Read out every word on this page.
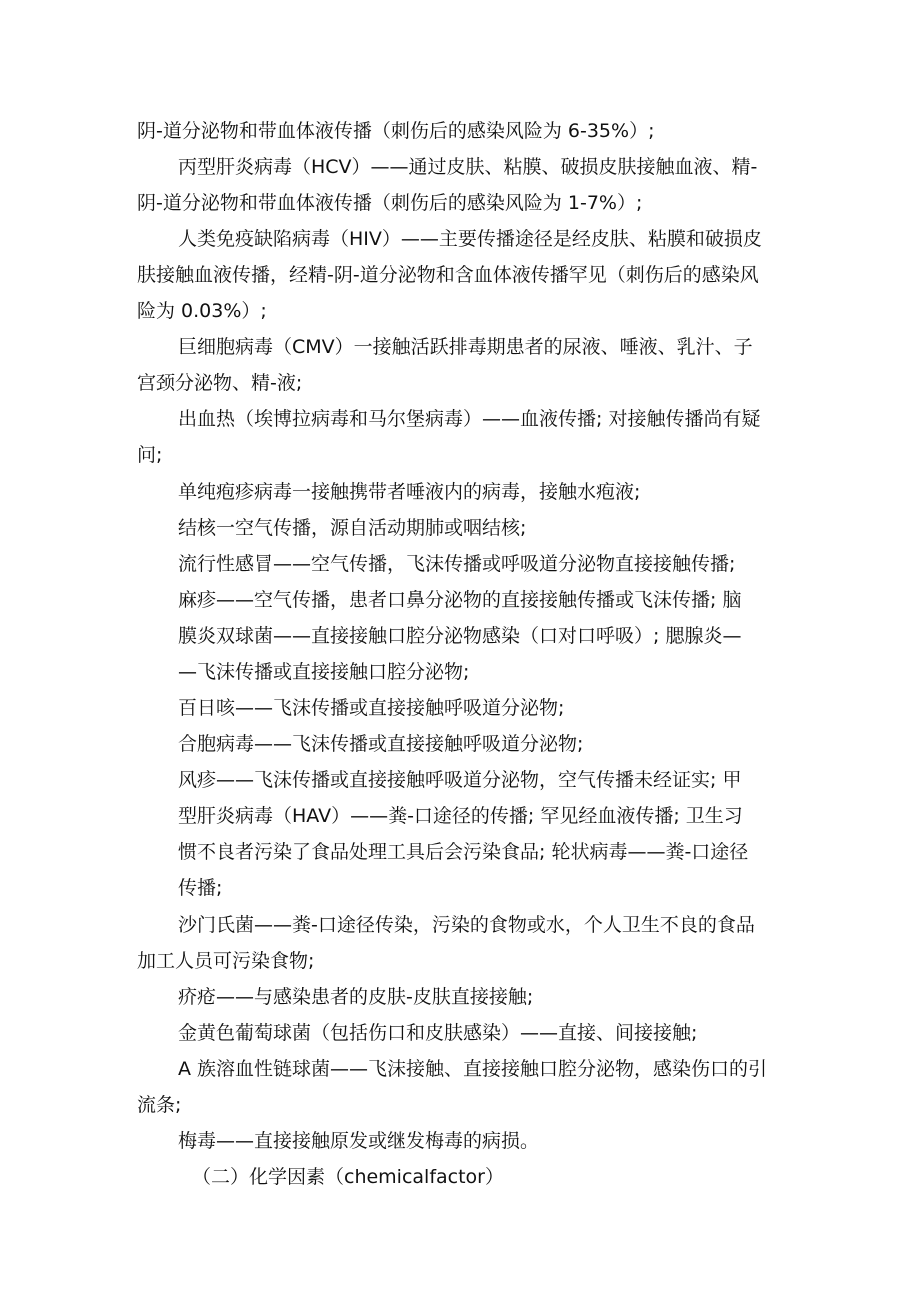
阴-道分泌物和带血体液传播（刺伤后的感染风险为 6-35%）;
丙型肝炎病毒（HCV）——通过皮肤、粘膜、破损皮肤接触血液、精-
阴-道分泌物和带血体液传播（刺伤后的感染风险为 1-7%）;
人类免疫缺陷病毒（HIV）——主要传播途径是经皮肤、粘膜和破损皮
肤接触血液传播，经精-阴-道分泌物和含血体液传播罕见（刺伤后的感染风
险为 0.03%）;
巨细胞病毒（CMV）一接触活跃排毒期患者的尿液、唾液、乳汁、子
宫颈分泌物、精-液;
出血热（埃博拉病毒和马尔堡病毒）——血液传播; 对接触传播尚有疑
问;
单纯疱疹病毒一接触携带者唾液内的病毒，接触水疱液;
结核一空气传播，源自活动期肺或咽结核;
流行性感冒——空气传播，飞沫传播或呼吸道分泌物直接接触传播;
麻疹——空气传播，患者口鼻分泌物的直接接触传播或飞沫传播; 脑
膜炎双球菌——直接接触口腔分泌物感染（口对口呼吸）; 腮腺炎—
—飞沫传播或直接接触口腔分泌物;
百日咳——飞沫传播或直接接触呼吸道分泌物;
合胞病毒——飞沫传播或直接接触呼吸道分泌物;
风疹——飞沫传播或直接接触呼吸道分泌物，空气传播未经证实; 甲
型肝炎病毒（HAV）——粪-口途径的传播; 罕见经血液传播; 卫生习
惯不良者污染了食品处理工具后会污染食品; 轮状病毒——粪-口途径
传播;
沙门氏菌——粪-口途径传染，污染的食物或水，个人卫生不良的食品
加工人员可污染食物;
疥疮——与感染患者的皮肤-皮肤直接接触;
金黄色葡萄球菌（包括伤口和皮肤感染）——直接、间接接触;
A 族溶血性链球菌——飞沫接触、直接接触口腔分泌物，感染伤口的引
流条;
梅毒——直接接触原发或继发梅毒的病损。
（二）化学因素（chemicalfactor）
